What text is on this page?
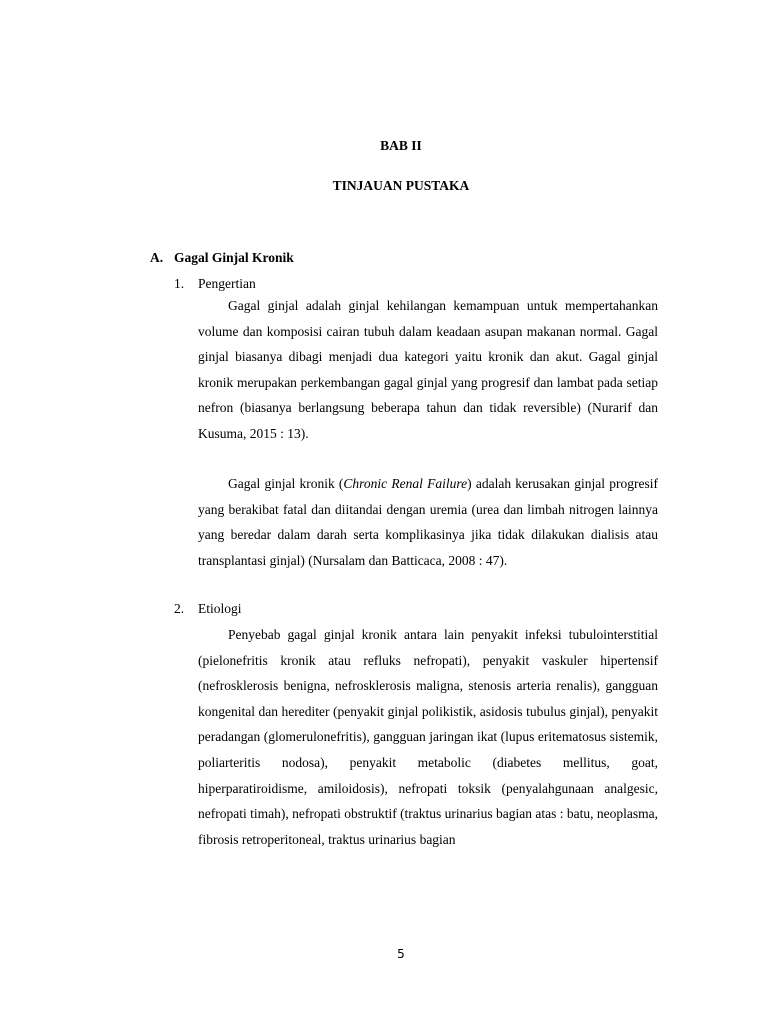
BAB II
TINJAUAN PUSTAKA
A. Gagal Ginjal Kronik
1. Pengertian

Gagal ginjal adalah ginjal kehilangan kemampuan untuk mempertahankan volume dan komposisi cairan tubuh dalam keadaan asupan makanan normal. Gagal ginjal biasanya dibagi menjadi dua kategori yaitu kronik dan akut. Gagal ginjal kronik merupakan perkembangan gagal ginjal yang progresif dan lambat pada setiap nefron (biasanya berlangsung beberapa tahun dan tidak reversible) (Nurarif dan Kusuma, 2015 : 13).

Gagal ginjal kronik (Chronic Renal Failure) adalah kerusakan ginjal progresif yang berakibat fatal dan diitandai dengan uremia (urea dan limbah nitrogen lainnya yang beredar dalam darah serta komplikasinya jika tidak dilakukan dialisis atau transplantasi ginjal) (Nursalam dan Batticaca, 2008 : 47).

2. Etiologi

Penyebab gagal ginjal kronik antara lain penyakit infeksi tubulointerstitial (pielonefritis kronik atau refluks nefropati), penyakit vaskuler hipertensif (nefrosklerosis benigna, nefrosklerosis maligna, stenosis arteria renalis), gangguan kongenital dan herediter (penyakit ginjal polikistik, asidosis tubulus ginjal), penyakit peradangan (glomerulonefritis), gangguan jaringan ikat (lupus eritematosus sistemik, poliarteritis nodosa), penyakit metabolic (diabetes mellitus, goat, hiperparatiroidisme, amiloidosis), nefropati toksik (penyalahgunaan analgesic, nefropati timah), nefropati obstruktif (traktus urinarius bagian atas : batu, neoplasma, fibrosis retroperitoneal, traktus urinarius bagian

5
